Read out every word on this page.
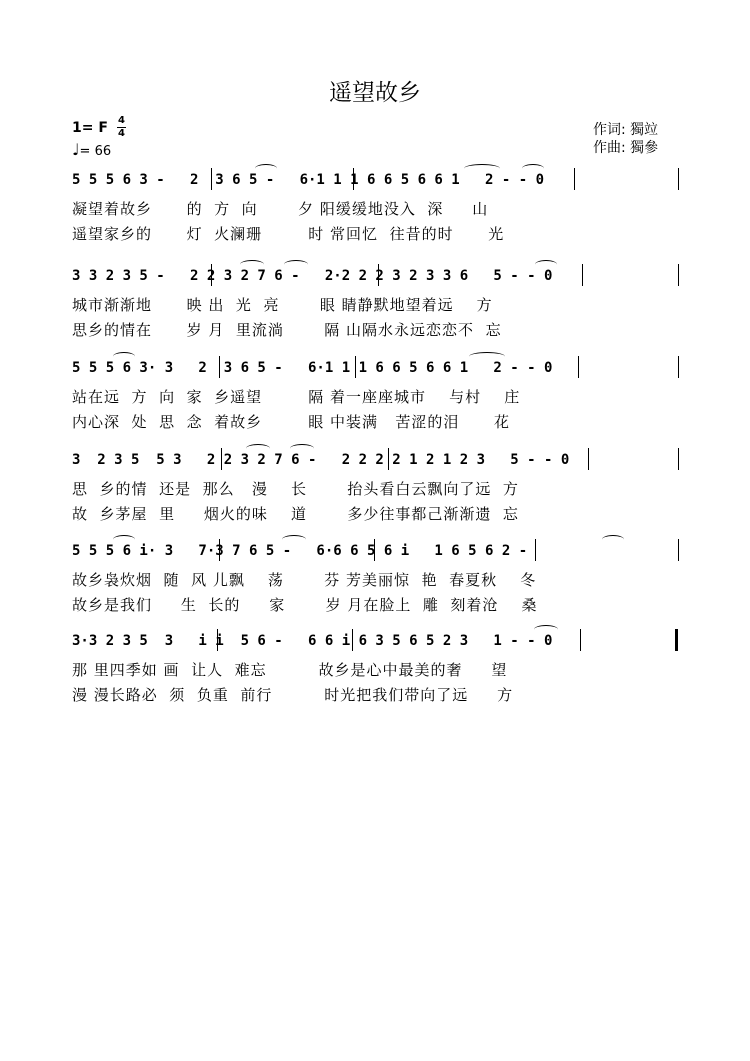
遥望故乡
1= F 4
4
♩= 66
作词: 獨竝
作曲: 獨參
5 5 5 6 3 -   2  3 6 5 -   6·1 1 1 6 6 5 6 6 1   2 - - 0
凝望着故乡      的  方  向       夕 阳缓缓地没入  深     山
遥望家乡的      灯  火澜珊        时 常回忆  往昔的时      光
3 3 2 3 5 -   2 2 3 2 7 6 -   2·2 2 2 3 2 3 3 6   5 - - 0
城市渐渐地      映 出  光  亮       眼 睛静默地望着远    方
思乡的情在      岁 月  里流淌       隔 山隔水永远恋恋不  忘
5 5 5 6 3· 3   2  3 6 5 -   6·1 1 1 6 6 5 6 6 1   2 - - 0
站在远  方  向  家  乡遥望        隔 着一座座城市    与村    庄
内心深  处  思  念  着故乡        眼 中装满   苦涩的泪      花
3  2 3 5  5 3   2 2 3 2 7 6 -   2 2 2 2 1 2 1 2 3   5 - - 0
思  乡的情  还是  那么   漫    长       抬头看白云飘向了远  方
故  乡茅屋  里     烟火的味    道       多少往事都己渐渐遗  忘
5 5 5 6 i· 3   7·3 7 6 5 -   6·6 6 5 6 i   1 6 5 6 2 -
故乡袅炊烟  随  风 儿飘    荡       芬 芳美丽惊  艳  春夏秋    冬
故乡是我们     生  长的     家       岁 月在脸上  雕  刻着沧    桑
3·3 2 3 5  3   i i  5 6 -   6 6 i 6 3 5 6 5 2 3   1 - - 0
那 里四季如 画  让人  难忘         故乡是心中最美的奢     望
漫 漫长路必  须  负重  前行         时光把我们带向了远     方
